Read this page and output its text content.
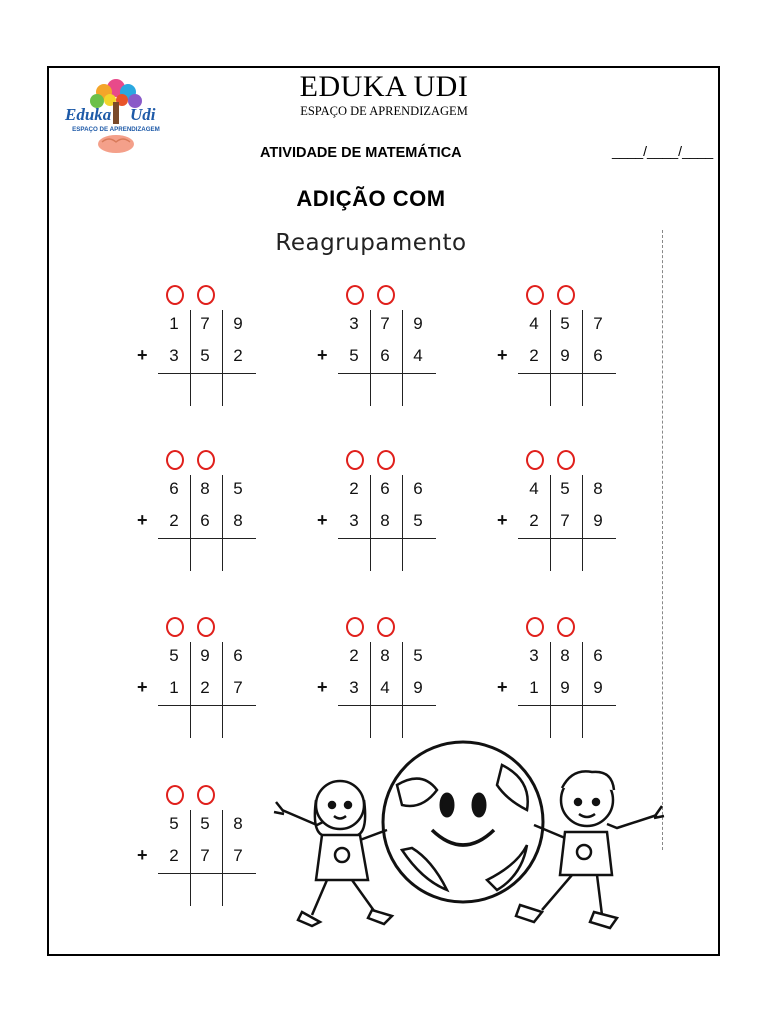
Eduka Udi
ESPAÇO DE APRENDIZAGEM
EDUKA UDI
ESPAÇO DE APRENDIZAGEM
ATIVIDADE DE MATEMÁTICA	____/____/____
ADIÇÃO COM
Reagrupamento
1	7	9
+	3	5	2
3	7	9
+	5	6	4
4	5	7
+	2	9	6
6	8	5
+	2	6	8
2	6	6
+	3	8	5
4	5	8
+	2	7	9
5	9	6
+	1	2	7
2	8	5
+	3	4	9
3	8	6
+	1	9	9
5	5	8
+	2	7	7
